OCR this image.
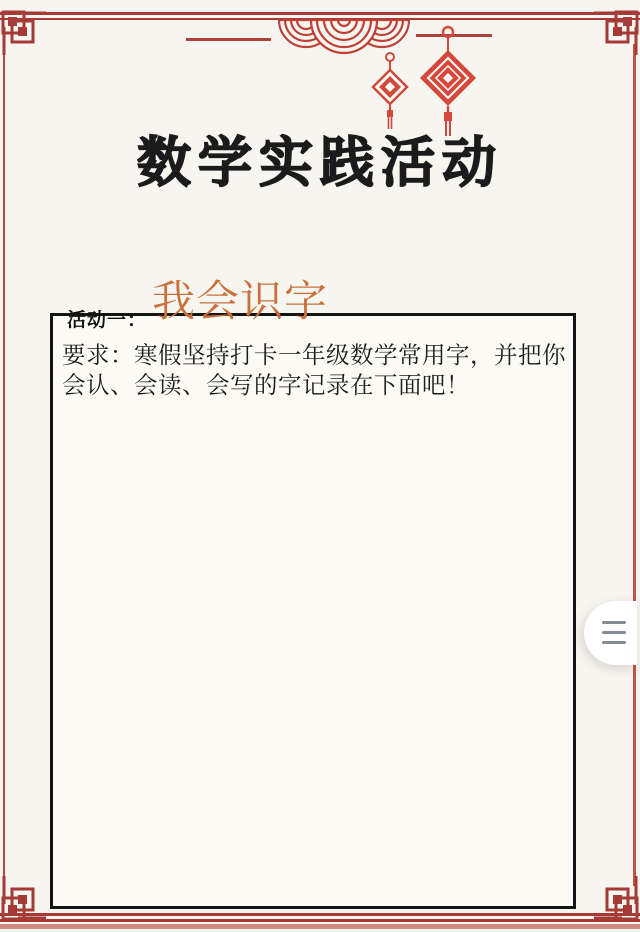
数学实践活动
我会识字
活动一：
要求：寒假坚持打卡一年级数学常用字，并把你
会认、会读、会写的字记录在下面吧！
